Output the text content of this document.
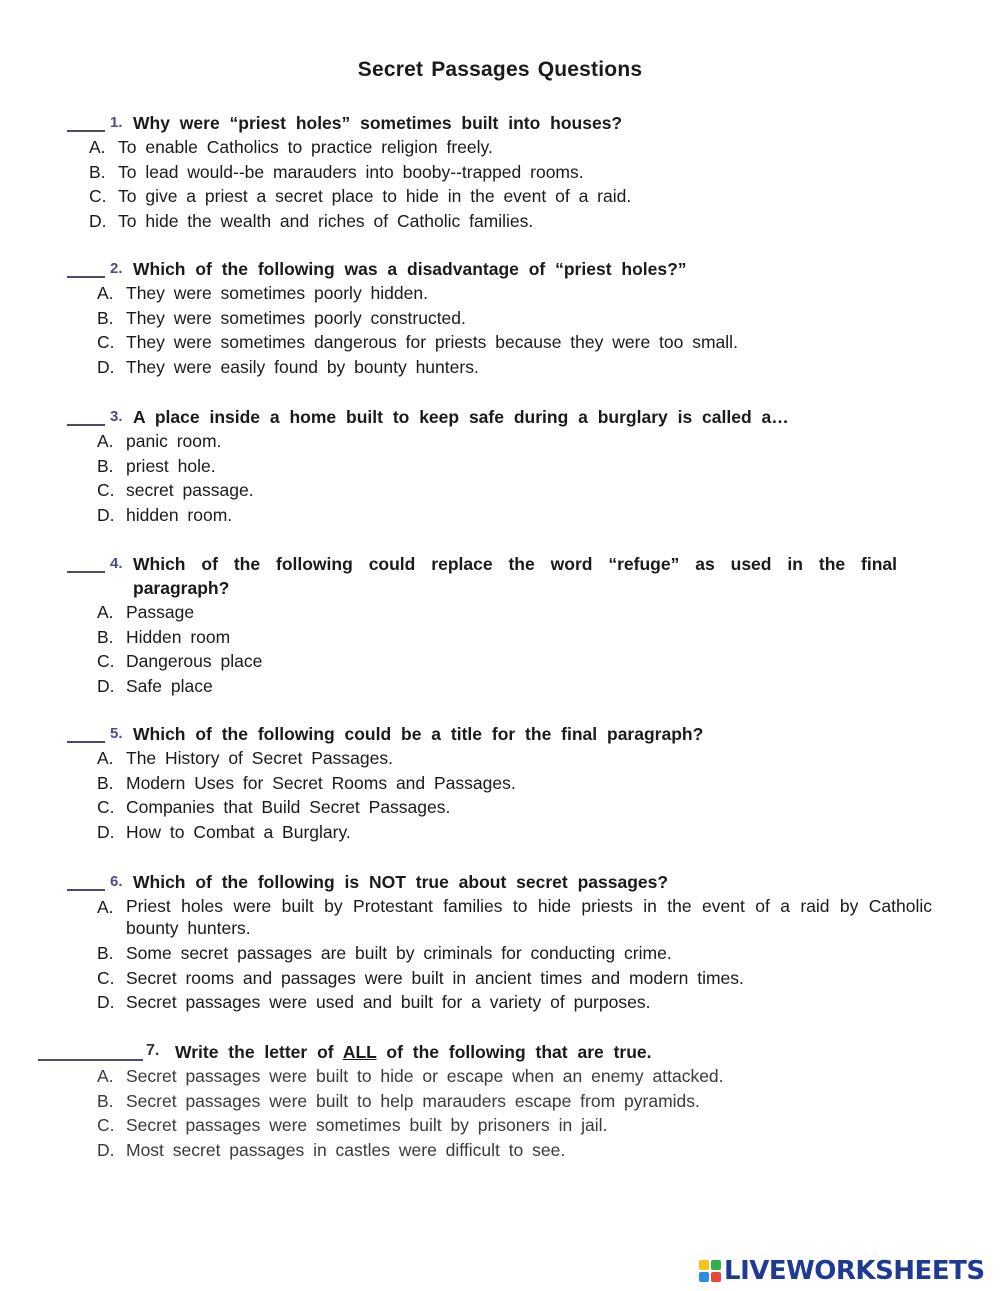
Secret Passages Questions
1. Why were “priest holes” sometimes built into houses?
A. To enable Catholics to practice religion freely.
B. To lead would--be marauders into booby--trapped rooms.
C. To give a priest a secret place to hide in the event of a raid.
D. To hide the wealth and riches of Catholic families.
2. Which of the following was a disadvantage of “priest holes?”
A. They were sometimes poorly hidden.
B. They were sometimes poorly constructed.
C. They were sometimes dangerous for priests because they were too small.
D. They were easily found by bounty hunters.
3. A place inside a home built to keep safe during a burglary is called a…
A. panic room.
B. priest hole.
C. secret passage.
D. hidden room.
4. Which of the following could replace the word “refuge” as used in the final paragraph?
A. Passage
B. Hidden room
C. Dangerous place
D. Safe place
5. Which of the following could be a title for the final paragraph?
A. The History of Secret Passages.
B. Modern Uses for Secret Rooms and Passages.
C. Companies that Build Secret Passages.
D. How to Combat a Burglary.
6. Which of the following is NOT true about secret passages?
A. Priest holes were built by Protestant families to hide priests in the event of a raid by Catholic bounty hunters.
B. Some secret passages are built by criminals for conducting crime.
C. Secret rooms and passages were built in ancient times and modern times.
D. Secret passages were used and built for a variety of purposes.
7. Write the letter of ALL of the following that are true.
A. Secret passages were built to hide or escape when an enemy attacked.
B. Secret passages were built to help marauders escape from pyramids.
C. Secret passages were sometimes built by prisoners in jail.
D. Most secret passages in castles were difficult to see.
LIVEWORKSHEETS
